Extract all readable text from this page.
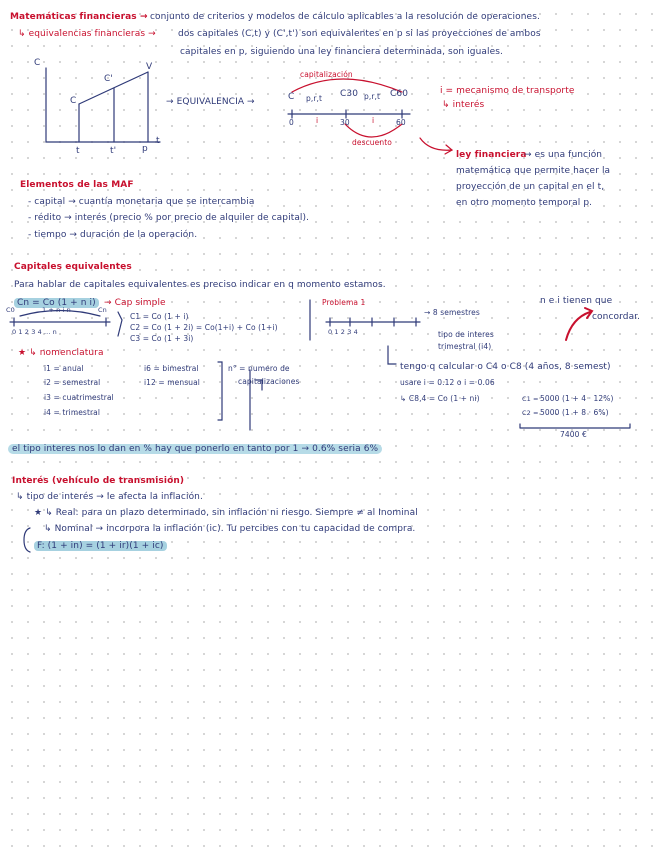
Matemáticas financieras → conjunto de criterios y modelos de cálculo aplicables a la resolución de operaciones.
↳ equivalencias financieras → dos capitales (C,t) y (C',t') son equivalentes en p si las proyecciones de ambos
capitales en p, siguiendo una ley financiera determinada, son iguales.
C
C
C'
V
t	t'	p
t
→ EQUIVALENCIA →
capitalización
C p,r,t C30 p,r,t C60
0	i	30	i	60
descuento
i = mecanismo de transporte
↳ interés
ley financiera
→ es una función
matemática que permite hacer la
proyección de un capital en el t,
en otro momento temporal p.
Elementos de las MAF
- capital → cuantía monetaria que se intercambia
- rédito → interés (precio % por precio de alquiler de capital).
- tiempo → duración de la operación.
Capitales equivalentes
Para hablar de capitales equivalentes es preciso indicar en q momento estamos.
Cn = Co (1 + n i) → Cap simple
C0	1 + n i n	Cn
0 1 2 3 4 ... n
C1 = Co (1 + i)
C2 = Co (1 + 2i) = Co(1+i) + Co (1+i)
C3 = Co (1 + 3i)
★ ↳ nomenclatura
i1 = anual
i2 = semestral
i3 = cuatrimestral
i4 = trimestral
i6 = bimestral
i12 = mensual
n° = numero de
capitalizaciones
Problema 1
0 1 2 3 4
→ 8 semestres
tipo de interes
trimestral (i4)
tengo q calcular o C4 o C8 (4 años, 8 semest)
usare i = 0.12 o i = 0.06
↳ C8,4 = Co (1 + ni)	C1 = 5000 (1 + 4 · 12%)
C2 = 5000 (1 + 8 · 6%)
7400 €
n e i tienen que
concordar.
el tipo interes nos lo dan en % hay que ponerlo en tanto por 1 → 0.6% seria 6%
Interés (vehículo de transmisión)
↳ tipo de interés → le afecta la inflación.
★ ↳ Real: para un plazo determinado, sin inflación ni riesgo. Siempre ≠ al Inominal
↳ Nominal → incorpora la inflación (ic). Tu percibes con tu capacidad de compra.
F: (1 + in) = (1 + ir)(1 + ic)
